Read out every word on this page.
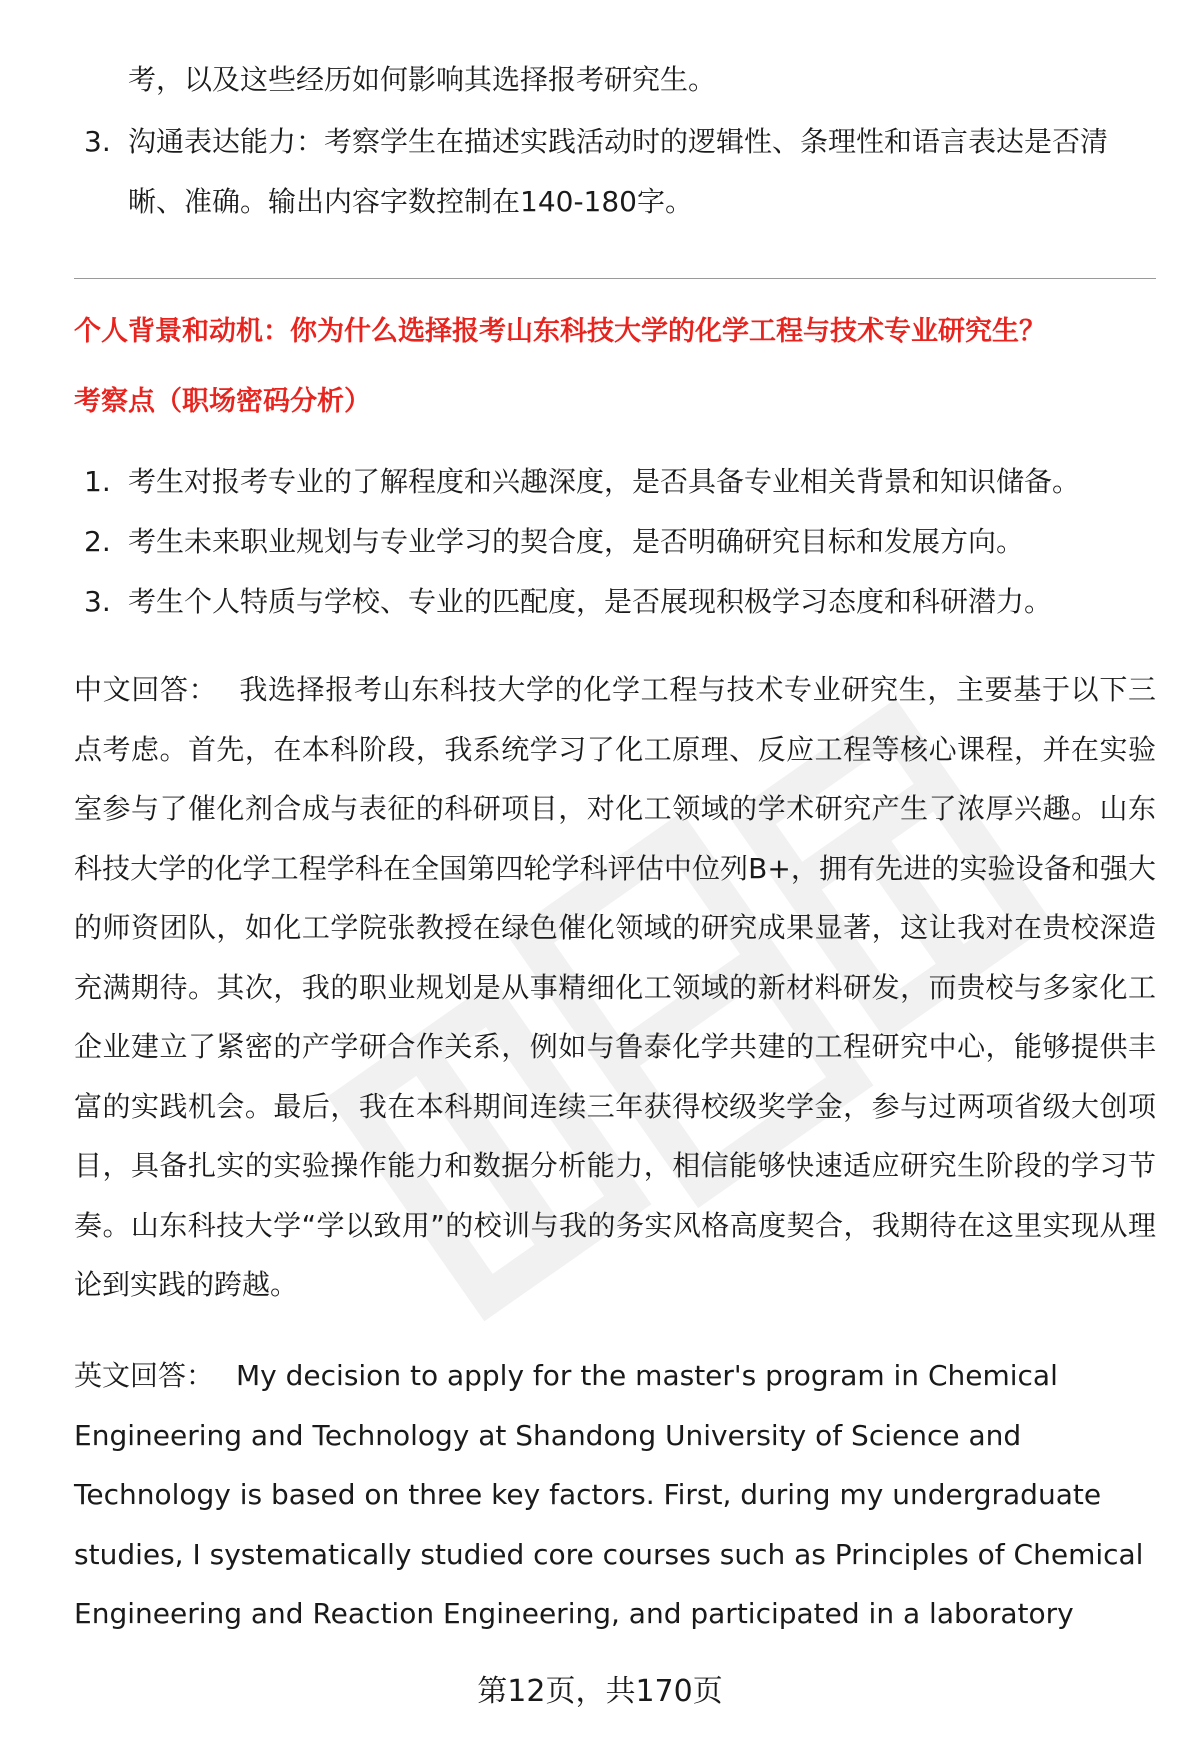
考，以及这些经历如何影响其选择报考研究生。
3. 沟通表达能力：考察学生在描述实践活动时的逻辑性、条理性和语言表达是否清晰、准确。输出内容字数控制在140-180字。
个人背景和动机：你为什么选择报考山东科技大学的化学工程与技术专业研究生？
考察点（职场密码分析）
1. 考生对报考专业的了解程度和兴趣深度，是否具备专业相关背景和知识储备。
2. 考生未来职业规划与专业学习的契合度，是否明确研究目标和发展方向。
3. 考生个人特质与学校、专业的匹配度，是否展现积极学习态度和科研潜力。

中文回答： 我选择报考山东科技大学的化学工程与技术专业研究生，主要基于以下三点考虑。首先，在本科阶段，我系统学习了化工原理、反应工程等核心课程，并在实验室参与了催化剂合成与表征的科研项目，对化工领域的学术研究产生了浓厚兴趣。山东科技大学的化学工程学科在全国第四轮学科评估中位列B+，拥有先进的实验设备和强大的师资团队，如化工学院张教授在绿色催化领域的研究成果显著，这让我对在贵校深造充满期待。其次，我的职业规划是从事精细化工领域的新材料研发，而贵校与多家化工企业建立了紧密的产学研合作关系，例如与鲁泰化学共建的工程研究中心，能够提供丰富的实践机会。最后，我在本科期间连续三年获得校级奖学金，参与过两项省级大创项目，具备扎实的实验操作能力和数据分析能力，相信能够快速适应研究生阶段的学习节奏。山东科技大学“学以致用”的校训与我的务实风格高度契合，我期待在这里实现从理论到实践的跨越。

英文回答： My decision to apply for the master's program in Chemical Engineering and Technology at Shandong University of Science and Technology is based on three key factors. First, during my undergraduate studies, I systematically studied core courses such as Principles of Chemical Engineering and Reaction Engineering, and participated in a laboratory

第12页，共170页
